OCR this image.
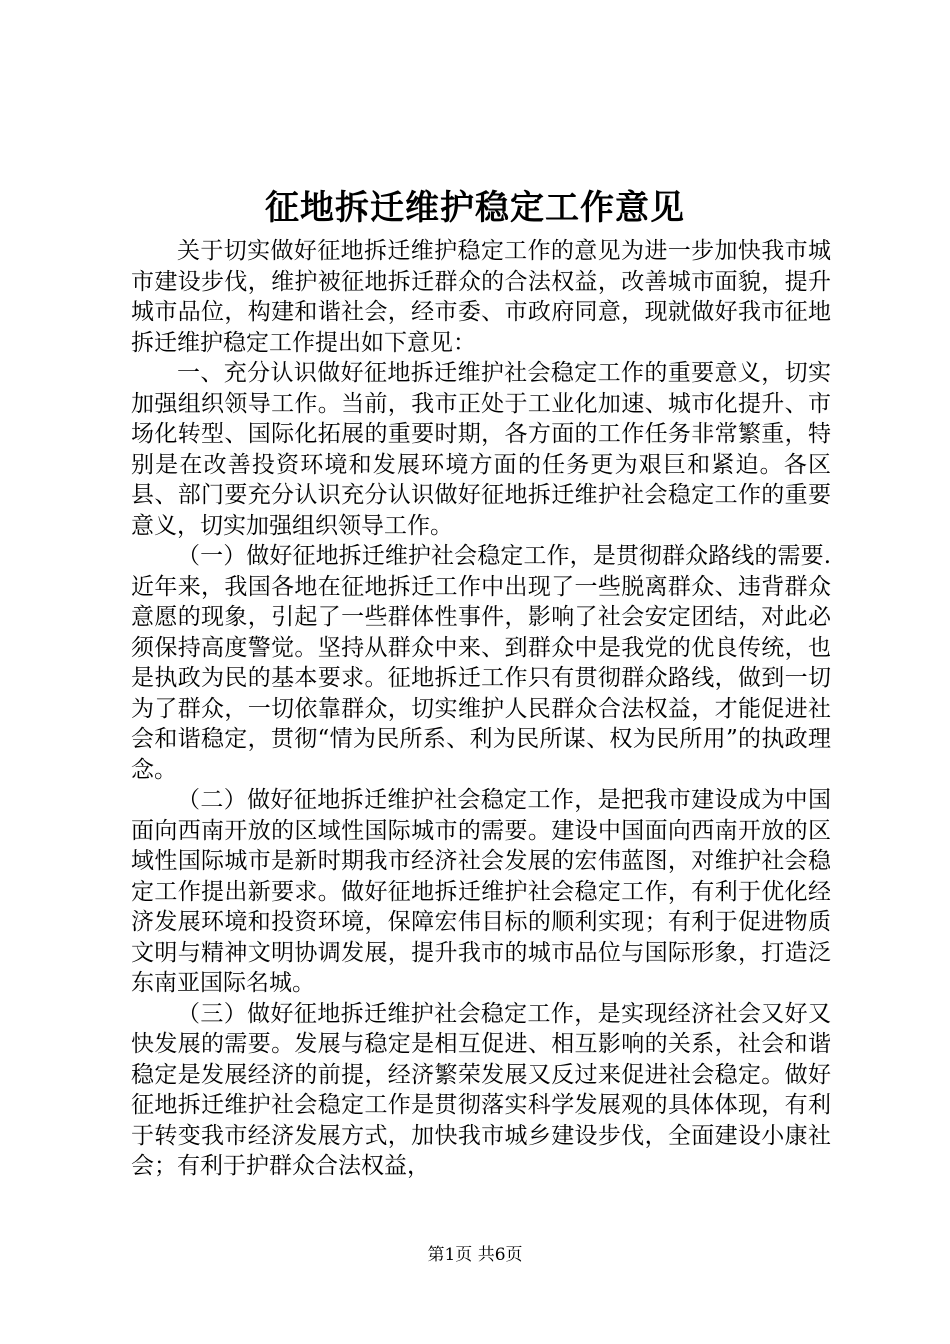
征地拆迁维护稳定工作意见

关于切实做好征地拆迁维护稳定工作的意见为进一步加快我市城市建设步伐，维护被征地拆迁群众的合法权益，改善城市面貌，提升城市品位，构建和谐社会，经市委、市政府同意，现就做好我市征地拆迁维护稳定工作提出如下意见：

一、充分认识做好征地拆迁维护社会稳定工作的重要意义，切实加强组织领导工作。当前，我市正处于工业化加速、城市化提升、市场化转型、国际化拓展的重要时期，各方面的工作任务非常繁重，特别是在改善投资环境和发展环境方面的任务更为艰巨和紧迫。各区县、部门要充分认识充分认识做好征地拆迁维护社会稳定工作的重要意义，切实加强组织领导工作。

（一）做好征地拆迁维护社会稳定工作，是贯彻群众路线的需要.近年来，我国各地在征地拆迁工作中出现了一些脱离群众、违背群众意愿的现象，引起了一些群体性事件，影响了社会安定团结，对此必须保持高度警觉。坚持从群众中来、到群众中是我党的优良传统，也是执政为民的基本要求。征地拆迁工作只有贯彻群众路线，做到一切为了群众，一切依靠群众，切实维护人民群众合法权益，才能促进社会和谐稳定，贯彻“情为民所系、利为民所谋、权为民所用”的执政理念。

（二）做好征地拆迁维护社会稳定工作，是把我市建设成为中国面向西南开放的区域性国际城市的需要。建设中国面向西南开放的区域性国际城市是新时期我市经济社会发展的宏伟蓝图，对维护社会稳定工作提出新要求。做好征地拆迁维护社会稳定工作，有利于优化经济发展环境和投资环境，保障宏伟目标的顺利实现；有利于促进物质文明与精神文明协调发展，提升我市的城市品位与国际形象，打造泛东南亚国际名城。

（三）做好征地拆迁维护社会稳定工作，是实现经济社会又好又快发展的需要。发展与稳定是相互促进、相互影响的关系，社会和谐稳定是发展经济的前提，经济繁荣发展又反过来促进社会稳定。做好征地拆迁维护社会稳定工作是贯彻落实科学发展观的具体体现，有利于转变我市经济发展方式，加快我市城乡建设步伐，全面建设小康社会；有利于护群众合法权益，

第1页 共6页
